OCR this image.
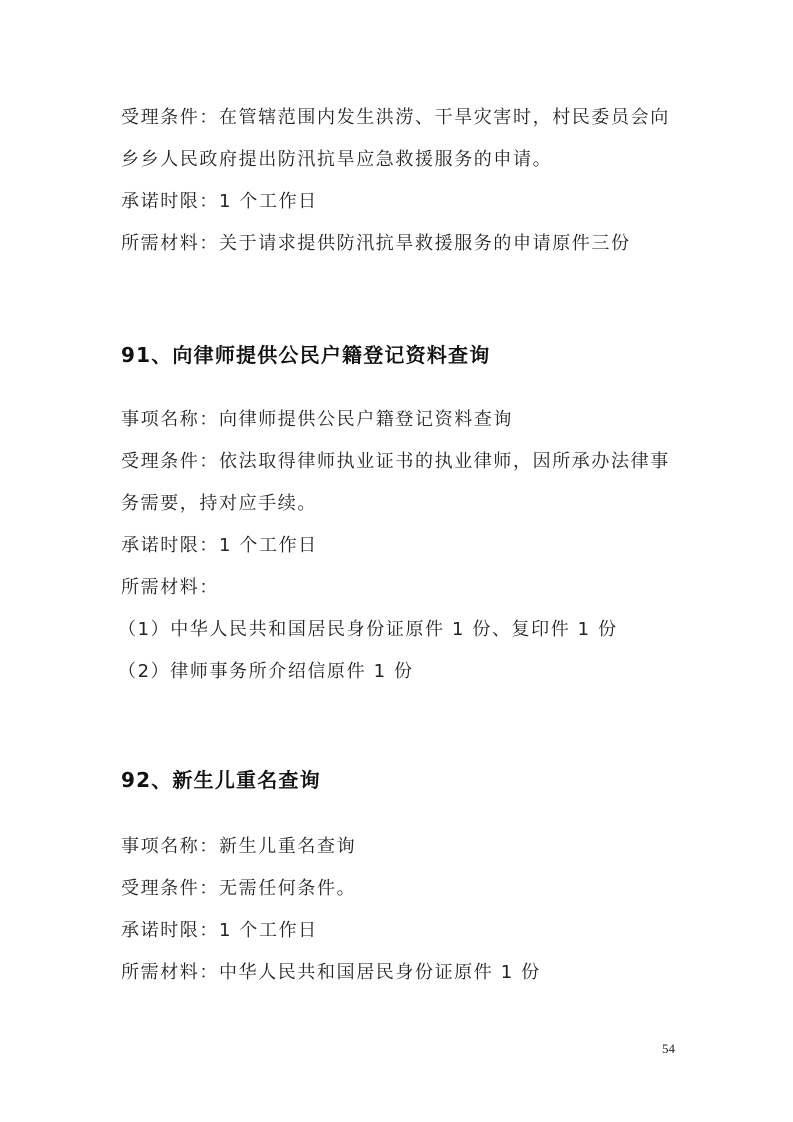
受理条件：在管辖范围内发生洪涝、干旱灾害时，村民委员会向
乡乡人民政府提出防汛抗旱应急救援服务的申请。
承诺时限：1 个工作日
所需材料：关于请求提供防汛抗旱救援服务的申请原件三份
91、向律师提供公民户籍登记资料查询
事项名称：向律师提供公民户籍登记资料查询
受理条件：依法取得律师执业证书的执业律师，因所承办法律事
务需要，持对应手续。
承诺时限：1 个工作日
所需材料：
（1）中华人民共和国居民身份证原件 1 份、复印件 1 份
（2）律师事务所介绍信原件 1 份
92、新生儿重名查询
事项名称：新生儿重名查询
受理条件：无需任何条件。
承诺时限：1 个工作日
所需材料：中华人民共和国居民身份证原件 1 份
54
